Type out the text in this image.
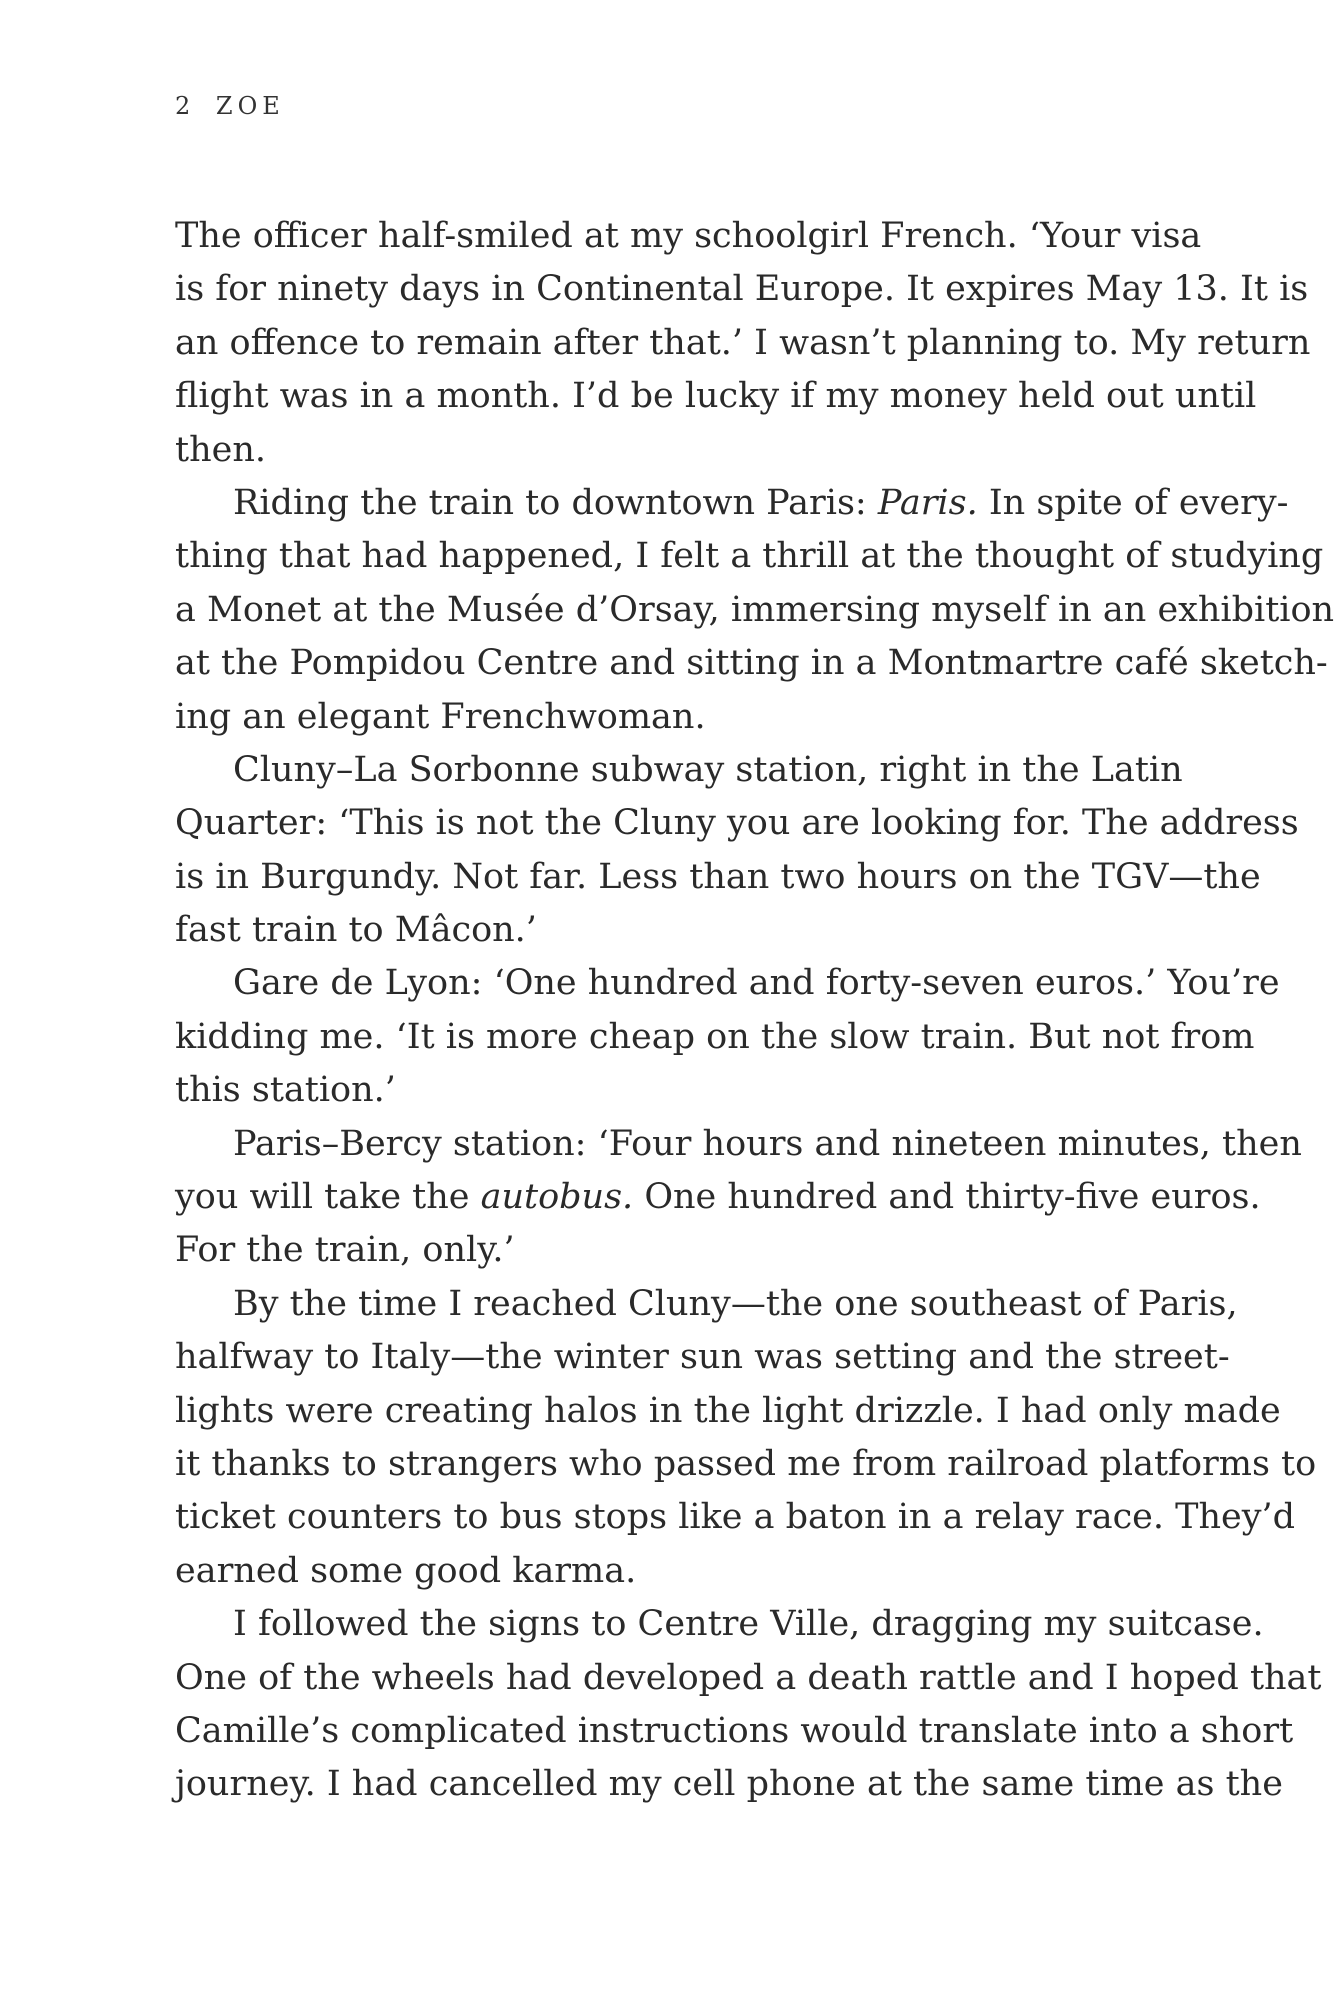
2 ZOE
The officer half-smiled at my schoolgirl French. ‘Your visa
is for ninety days in Continental Europe. It expires May 13. It is
an offence to remain after that.’ I wasn’t planning to. My return
flight was in a month. I’d be lucky if my money held out until
then.
Riding the train to downtown Paris: Paris. In spite of every-
thing that had happened, I felt a thrill at the thought of studying
a Monet at the Musée d’Orsay, immersing myself in an exhibition
at the Pompidou Centre and sitting in a Montmartre café sketch-
ing an elegant Frenchwoman.
Cluny–La Sorbonne subway station, right in the Latin
Quarter: ‘This is not the Cluny you are looking for. The address
is in Burgundy. Not far. Less than two hours on the TGV—the
fast train to Mâcon.’
Gare de Lyon: ‘One hundred and forty-seven euros.’ You’re
kidding me. ‘It is more cheap on the slow train. But not from
this station.’
Paris–Bercy station: ‘Four hours and nineteen minutes, then
you will take the autobus. One hundred and thirty-five euros.
For the train, only.’
By the time I reached Cluny—the one southeast of Paris,
halfway to Italy—the winter sun was setting and the street-
lights were creating halos in the light drizzle. I had only made
it thanks to strangers who passed me from railroad platforms to
ticket counters to bus stops like a baton in a relay race. They’d
earned some good karma.
I followed the signs to Centre Ville, dragging my suitcase.
One of the wheels had developed a death rattle and I hoped that
Camille’s complicated instructions would translate into a short
journey. I had cancelled my cell phone at the same time as the
